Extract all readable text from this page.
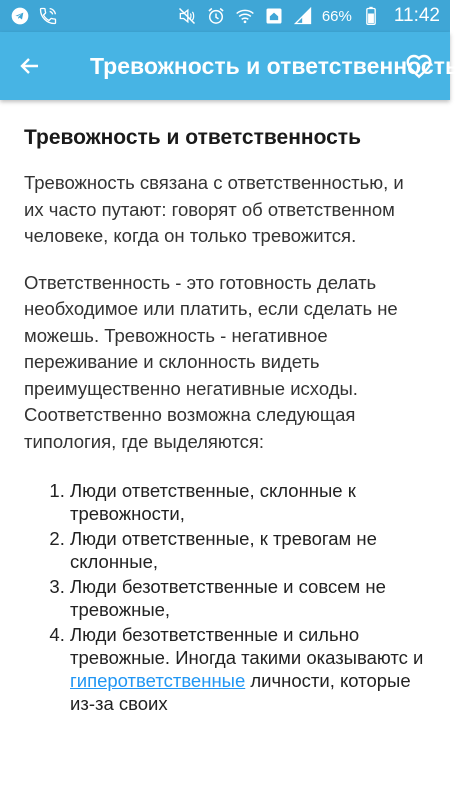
66% 11:42
Тревожность и ответственность
Тревожность и ответственность

Тревожность связана с ответственностью, и их часто путают: говорят об ответственном человеке, когда он только тревожится.

Ответственность - это готовность делать необходимое или платить, если сделать не можешь. Тревожность - негативное переживание и склонность видеть преимущественно негативные исходы. Соответственно возможна следующая типология, где выделяются:

1. Люди ответственные, склонные к тревожности,
2. Люди ответственные, к тревогам не склонные,
3. Люди безответственные и совсем не тревожные,
4. Люди безответственные и сильно тревожные. Иногда такими оказываютс и гиперответственные личности, которые из-за своих
